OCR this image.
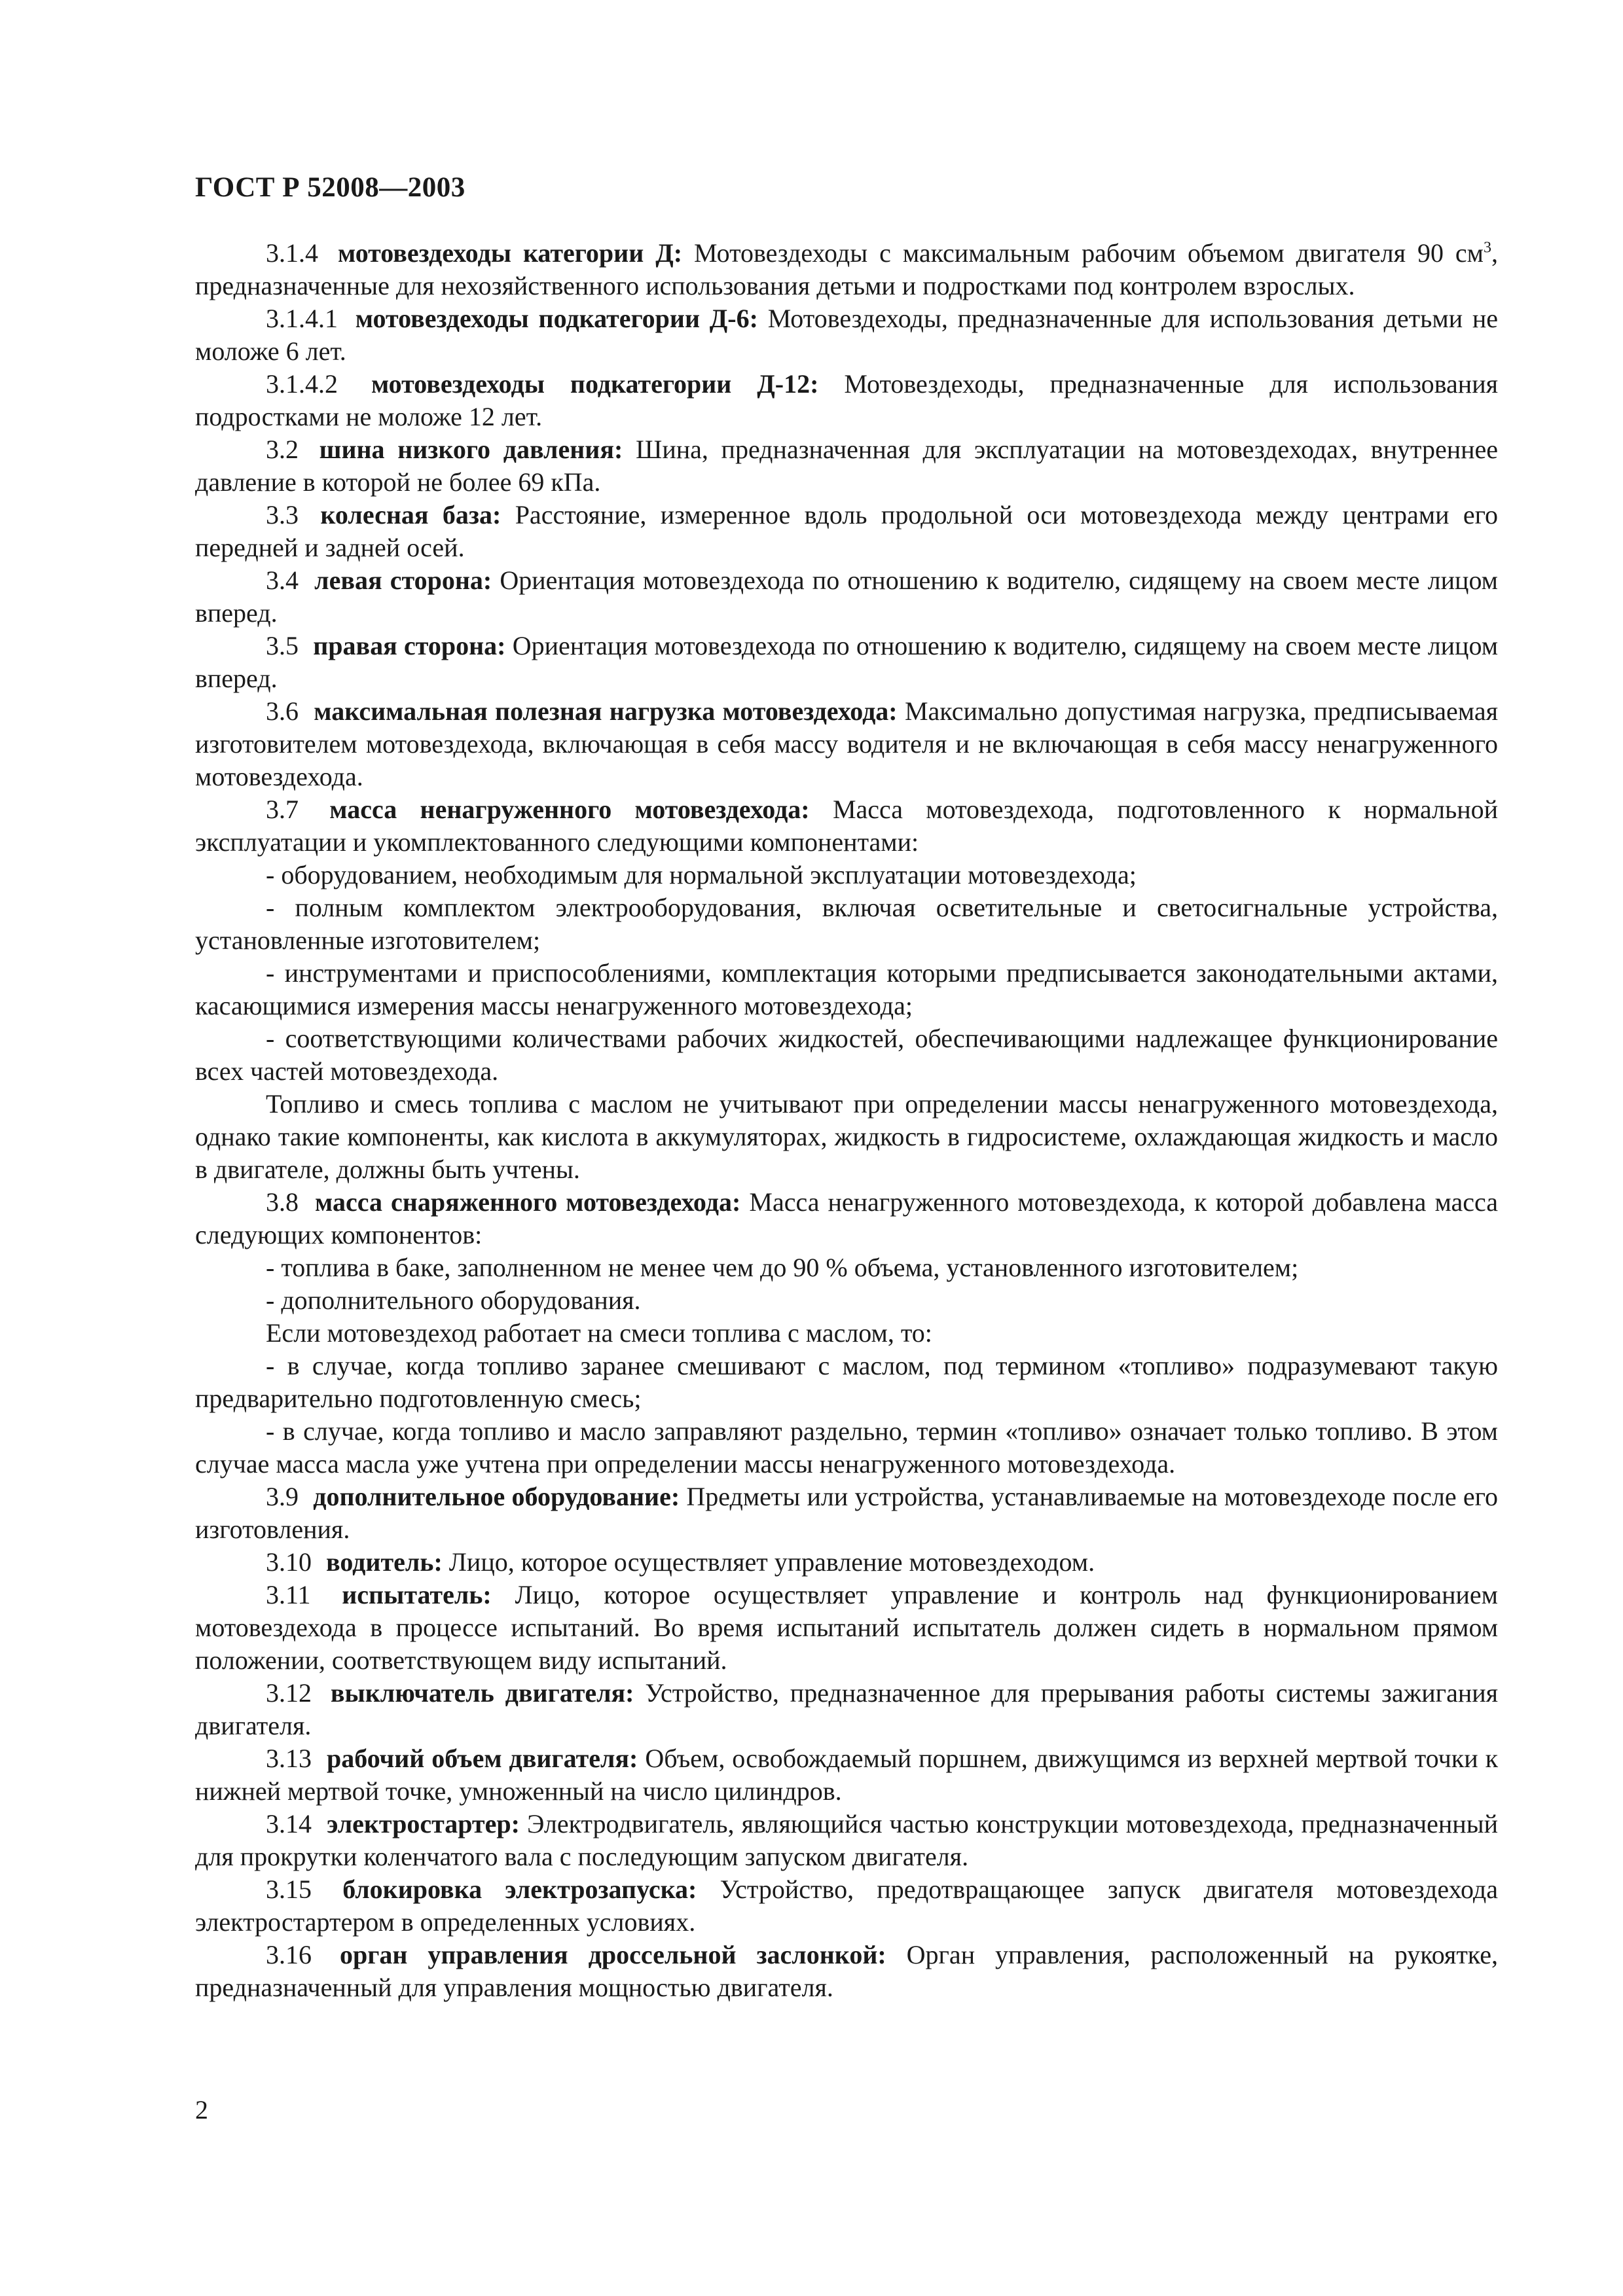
ГОСТ Р 52008—2003

3.1.4 мотовездеходы категории Д: Мотовездеходы с максимальным рабочим объемом двигателя 90 $см^3$, предназначенные для нехозяйственного использования детьми и подростками под контролем взрослых.

3.1.4.1 мотовездеходы подкатегории Д-6: Мотовездеходы, предназначенные для использования детьми не моложе 6 лет.

3.1.4.2 мотовездеходы подкатегории Д-12: Мотовездеходы, предназначенные для использования подростками не моложе 12 лет.

3.2 шина низкого давления: Шина, предназначенная для эксплуатации на мотовездеходах, внутреннее давление в которой не более 69 кПа.

3.3 колесная база: Расстояние, измеренное вдоль продольной оси мотовездехода между центрами его передней и задней осей.

3.4 левая сторона: Ориентация мотовездехода по отношению к водителю, сидящему на своем месте лицом вперед.

3.5 правая сторона: Ориентация мотовездехода по отношению к водителю, сидящему на своем месте лицом вперед.

3.6 максимальная полезная нагрузка мотовездехода: Максимально допустимая нагрузка, предписываемая изготовителем мотовездехода, включающая в себя массу водителя и не включающая в себя массу ненагруженного мотовездехода.

3.7 масса ненагруженного мотовездехода: Масса мотовездехода, подготовленного к нормальной эксплуатации и укомплектованного следующими компонентами:

- оборудованием, необходимым для нормальной эксплуатации мотовездехода;

- полным комплектом электрооборудования, включая осветительные и светосигнальные устройства, установленные изготовителем;

- инструментами и приспособлениями, комплектация которыми предписывается законодательными актами, касающимися измерения массы ненагруженного мотовездехода;

- соответствующими количествами рабочих жидкостей, обеспечивающими надлежащее функционирование всех частей мотовездехода.

Топливо и смесь топлива с маслом не учитывают при определении массы ненагруженного мотовездехода, однако такие компоненты, как кислота в аккумуляторах, жидкость в гидросистеме, охлаждающая жидкость и масло в двигателе, должны быть учтены.

3.8 масса снаряженного мотовездехода: Масса ненагруженного мотовездехода, к которой добавлена масса следующих компонентов:

- топлива в баке, заполненном не менее чем до 90 % объема, установленного изготовителем;

- дополнительного оборудования.

Если мотовездеход работает на смеси топлива с маслом, то:

- в случае, когда топливо заранее смешивают с маслом, под термином «топливо» подразумевают такую предварительно подготовленную смесь;

- в случае, когда топливо и масло заправляют раздельно, термин «топливо» означает только топливо. В этом случае масса масла уже учтена при определении массы ненагруженного мотовездехода.

3.9 дополнительное оборудование: Предметы или устройства, устанавливаемые на мотовездеходе после его изготовления.

3.10 водитель: Лицо, которое осуществляет управление мотовездеходом.

3.11 испытатель: Лицо, которое осуществляет управление и контроль над функционированием мотовездехода в процессе испытаний. Во время испытаний испытатель должен сидеть в нормальном прямом положении, соответствующем виду испытаний.

3.12 выключатель двигателя: Устройство, предназначенное для прерывания работы системы зажигания двигателя.

3.13 рабочий объем двигателя: Объем, освобождаемый поршнем, движущимся из верхней мертвой точки к нижней мертвой точке, умноженный на число цилиндров.

3.14 электростартер: Электродвигатель, являющийся частью конструкции мотовездехода, предназначенный для прокрутки коленчатого вала с последующим запуском двигателя.

3.15 блокировка электрозапуска: Устройство, предотвращающее запуск двигателя мотовездехода электростартером в определенных условиях.

3.16 орган управления дроссельной заслонкой: Орган управления, расположенный на рукоятке, предназначенный для управления мощностью двигателя.

2
